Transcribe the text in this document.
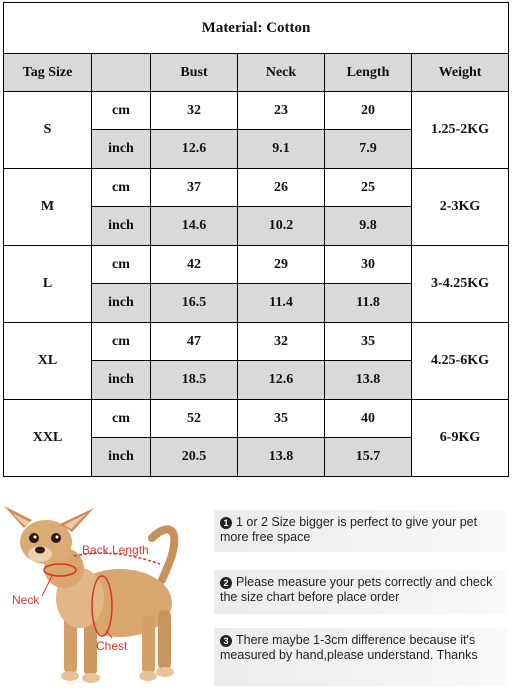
Material: Cotton					
Tag Size		Bust	Neck	Length	Weight
S	cm	32	23	20	1.25-2KG
	inch	12.6	9.1	7.9	
M	cm	37	26	25	2-3KG
	inch	14.6	10.2	9.8	
L	cm	42	29	30	3-4.25KG
	inch	16.5	11.4	11.8	
XL	cm	47	32	35	4.25-6KG
	inch	18.5	12.6	13.8	
XXL	cm	52	35	40	6-9KG
	inch	20.5	13.8	15.7	
Back Length
Neck
Chest
1 1 or 2 Size bigger is perfect to give your pet more free space
2 Please measure your pets correctly and check the size chart before place order
3 There maybe 1-3cm difference because it's measured by hand,please understand. Thanks
